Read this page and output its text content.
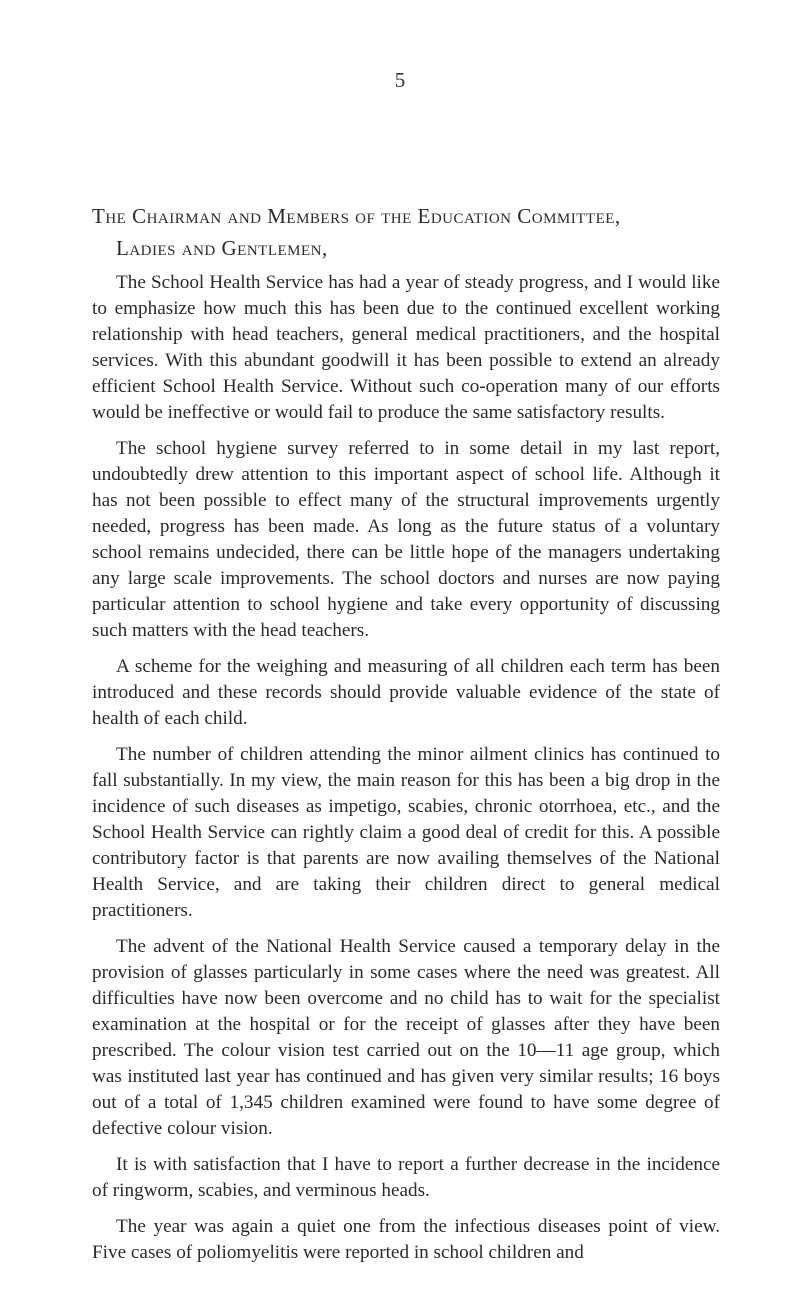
5

The Chairman and Members of the Education Committee,

Ladies and Gentlemen,

The School Health Service has had a year of steady progress, and I would like to emphasize how much this has been due to the continued excellent working relationship with head teachers, general medical practitioners, and the hospital services. With this abundant goodwill it has been possible to extend an already efficient School Health Service. Without such co-operation many of our efforts would be ineffective or would fail to produce the same satisfactory results.

The school hygiene survey referred to in some detail in my last report, undoubtedly drew attention to this important aspect of school life. Although it has not been possible to effect many of the structural improvements urgently needed, progress has been made. As long as the future status of a voluntary school remains undecided, there can be little hope of the managers undertaking any large scale improvements. The school doctors and nurses are now paying particular attention to school hygiene and take every opportunity of discussing such matters with the head teachers.

A scheme for the weighing and measuring of all children each term has been introduced and these records should provide valuable evidence of the state of health of each child.

The number of children attending the minor ailment clinics has continued to fall substantially. In my view, the main reason for this has been a big drop in the incidence of such diseases as impetigo, scabies, chronic otorrhoea, etc., and the School Health Service can rightly claim a good deal of credit for this. A possible contributory factor is that parents are now availing themselves of the National Health Service, and are taking their children direct to general medical practitioners.

The advent of the National Health Service caused a temporary delay in the provision of glasses particularly in some cases where the need was greatest. All difficulties have now been overcome and no child has to wait for the specialist examination at the hospital or for the receipt of glasses after they have been prescribed. The colour vision test carried out on the 10—11 age group, which was instituted last year has continued and has given very similar results; 16 boys out of a total of 1,345 children examined were found to have some degree of defective colour vision.

It is with satisfaction that I have to report a further decrease in the incidence of ringworm, scabies, and verminous heads.

The year was again a quiet one from the infectious diseases point of view. Five cases of poliomyelitis were reported in school children and
